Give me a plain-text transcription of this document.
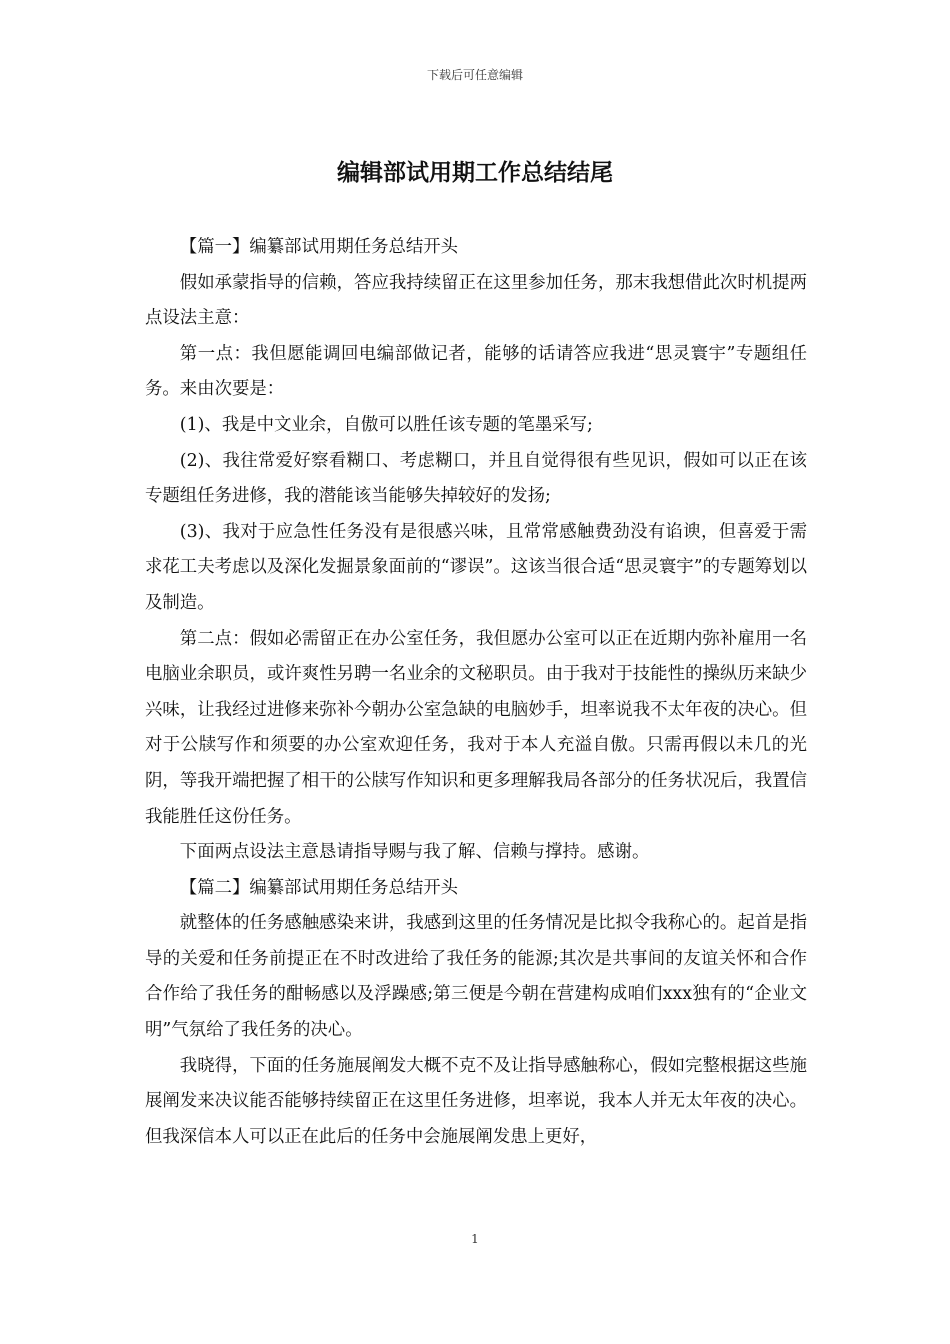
下载后可任意编辑
编辑部试用期工作总结结尾

【篇一】编纂部试用期任务总结开头

假如承蒙指导的信赖，答应我持续留正在这里参加任务，那末我想借此次时机提两点设法主意：

第一点：我但愿能调回电编部做记者，能够的话请答应我进“思灵寰宇”专题组任务。来由次要是：

(1)、我是中文业余，自傲可以胜任该专题的笔墨采写;

(2)、我往常爱好察看糊口、考虑糊口，并且自觉得很有些见识，假如可以正在该专题组任务进修，我的潜能该当能够失掉较好的发扬;

(3)、我对于应急性任务没有是很感兴味，且常常感触费劲没有谄谀，但喜爱于需求花工夫考虑以及深化发掘景象面前的“谬误”。这该当很合适“思灵寰宇”的专题筹划以及制造。

第二点：假如必需留正在办公室任务，我但愿办公室可以正在近期内弥补雇用一名电脑业余职员，或许爽性另聘一名业余的文秘职员。由于我对于技能性的操纵历来缺少兴味，让我经过进修来弥补今朝办公室急缺的电脑妙手，坦率说我不太年夜的决心。但对于公牍写作和须要的办公室欢迎任务，我对于本人充溢自傲。只需再假以未几的光阴，等我开端把握了相干的公牍写作知识和更多理解我局各部分的任务状况后，我置信我能胜任这份任务。

下面两点设法主意恳请指导赐与我了解、信赖与撑持。感谢。

【篇二】编纂部试用期任务总结开头

就整体的任务感触感染来讲，我感到这里的任务情况是比拟令我称心的。起首是指导的关爱和任务前提正在不时改进给了我任务的能源;其次是共事间的友谊关怀和合作合作给了我任务的酣畅感以及浮躁感;第三便是今朝在营建构成咱们xxx独有的“企业文明”气氛给了我任务的决心。

我晓得，下面的任务施展阐发大概不克不及让指导感触称心，假如完整根据这些施展阐发来决议能否能够持续留正在这里任务进修，坦率说，我本人并无太年夜的决心。但我深信本人可以正在此后的任务中会施展阐发患上更好，

1
